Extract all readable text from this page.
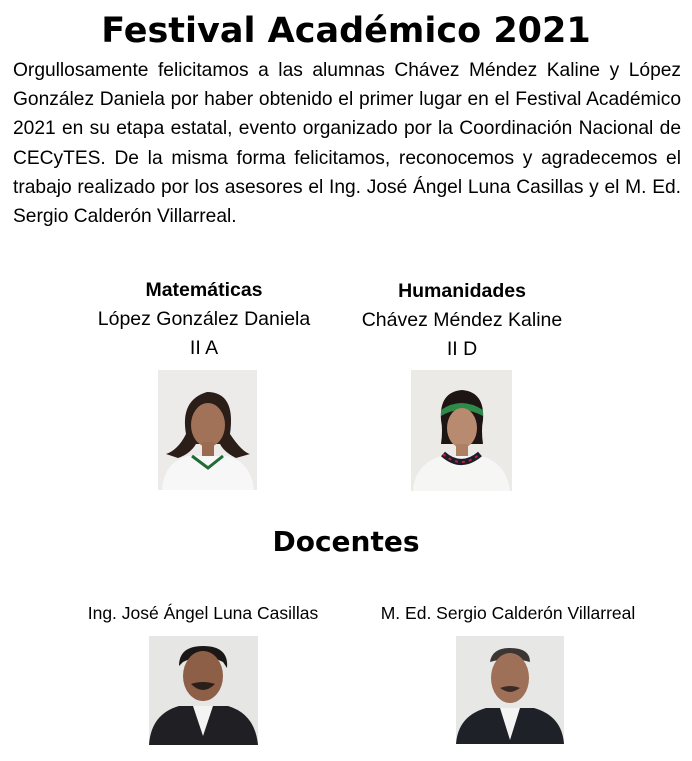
Festival Académico 2021
Orgullosamente felicitamos a las alumnas Chávez Méndez Kaline y López González Daniela por haber obtenido el primer lugar en el Festival Académico 2021 en su etapa estatal, evento organizado por la Coordinación Nacional de CECyTES. De la misma forma felicitamos, reconocemos y agradecemos el trabajo realizado por los asesores el Ing. José Ángel Luna Casillas y el M. Ed. Sergio Calderón Villarreal.
Matemáticas
López González Daniela
II A
Humanidades
Chávez Méndez Kaline
II D
Docentes
Ing. José Ángel Luna Casillas	M. Ed. Sergio Calderón Villarreal
